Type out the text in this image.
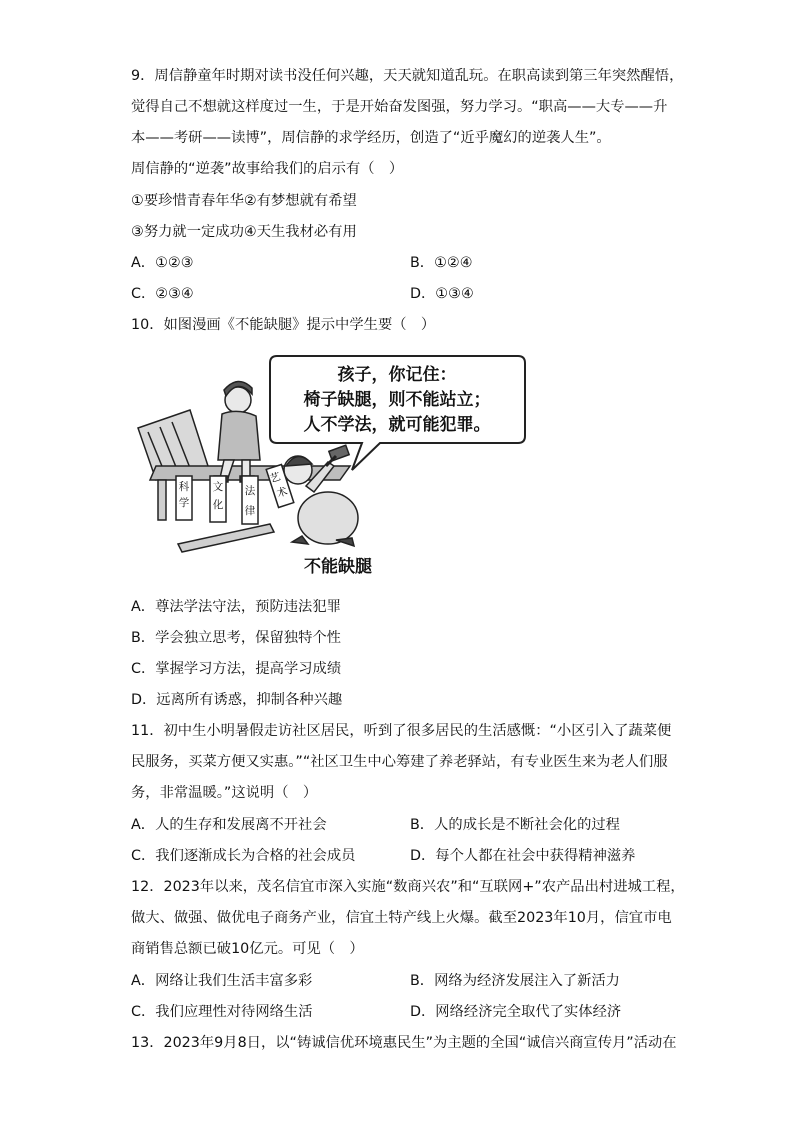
9．周信静童年时期对读书没任何兴趣，天天就知道乱玩。在职高读到第三年突然醒悟，
觉得自己不想就这样度过一生，于是开始奋发图强，努力学习。“职高——大专——升
本——考研——读博”，周信静的求学经历，创造了“近乎魔幻的逆袭人生”。
周信静的“逆袭”故事给我们的启示有（　）
①要珍惜青春年华②有梦想就有希望
③努力就一定成功④天生我材必有用
A．①②③	B．①②④
C．②③④	D．①③④
10．如图漫画《不能缺腿》提示中学生要（　）
孩子，你记住：
椅子缺腿，则不能站立；
人不学法，就可能犯罪。
科
学
文
化
法
律
艺
术
不能缺腿
A．尊法学法守法，预防违法犯罪
B．学会独立思考，保留独特个性
C．掌握学习方法，提高学习成绩
D．远离所有诱惑，抑制各种兴趣
11．初中生小明暑假走访社区居民，听到了很多居民的生活感慨：“小区引入了蔬菜便
民服务，买菜方便又实惠。”“社区卫生中心筹建了养老驿站，有专业医生来为老人们服
务，非常温暖。”这说明（　）
A．人的生存和发展离不开社会	B．人的成长是不断社会化的过程
C．我们逐渐成长为合格的社会成员	D．每个人都在社会中获得精神滋养
12．2023年以来，茂名信宜市深入实施“数商兴农”和“互联网+”农产品出村进城工程，
做大、做强、做优电子商务产业，信宜土特产线上火爆。截至2023年10月，信宜市电
商销售总额已破10亿元。可见（　）
A．网络让我们生活丰富多彩	B．网络为经济发展注入了新活力
C．我们应理性对待网络生活	D．网络经济完全取代了实体经济
13．2023年9月8日，以“铸诚信优环境惠民生”为主题的全国“诚信兴商宣传月”活动在
